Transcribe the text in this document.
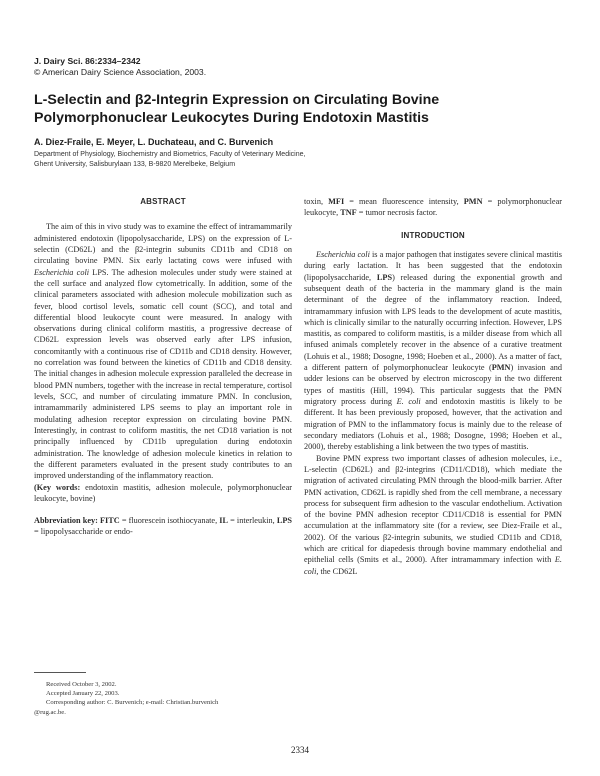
J. Dairy Sci. 86:2334–2342
© American Dairy Science Association, 2003.
L-Selectin and β2-Integrin Expression on Circulating Bovine
Polymorphonuclear Leukocytes During Endotoxin Mastitis
A. Diez-Fraile, E. Meyer, L. Duchateau, and C. Burvenich
Department of Physiology, Biochemistry and Biometrics, Faculty of Veterinary Medicine,
Ghent University, Salisburylaan 133, B-9820 Merelbeke, Belgium
ABSTRACT

The aim of this in vivo study was to examine the effect of intramammarily administered endotoxin (lipopolysaccharide, LPS) on the expression of L-selectin (CD62L) and the β2-integrin subunits CD11b and CD18 on circulating bovine PMN. Six early lactating cows were infused with Escherichia coli LPS. The adhesion molecules under study were stained at the cell surface and analyzed flow cytometrically. In addition, some of the clinical parameters associated with adhesion molecule mobilization such as fever, blood cortisol levels, somatic cell count (SCC), and total and differential blood leukocyte count were measured. In analogy with observations during clinical coliform mastitis, a progressive decrease of CD62L expression levels was observed early after LPS infusion, concomitantly with a continuous rise of CD11b and CD18 density. However, no correlation was found between the kinetics of CD11b and CD18 density. The initial changes in adhesion molecule expression paralleled the decrease in blood PMN numbers, together with the increase in rectal temperature, cortisol levels, SCC, and number of circulating immature PMN. In conclusion, intramammarily administered LPS seems to play an important role in modulating adhesion receptor expression on circulating bovine PMN. Interestingly, in contrast to coliform mastitis, the net CD18 variation is not principally influenced by CD11b upregulation during endotoxin administration. The knowledge of adhesion molecule kinetics in relation to the different parameters evaluated in the present study contributes to an improved understanding of the inflammatory reaction.

(Key words: endotoxin mastitis, adhesion molecule, polymorphonuclear leukocyte, bovine)

Abbreviation key: FITC = fluorescein isothiocyanate, IL = interleukin, LPS = lipopolysaccharide or endo-

toxin, MFI = mean fluorescence intensity, PMN = polymorphonuclear leukocyte, TNF = tumor necrosis factor.

INTRODUCTION

Escherichia coli is a major pathogen that instigates severe clinical mastitis during early lactation. It has been suggested that the endotoxin (lipopolysaccharide, LPS) released during the exponential growth and subsequent death of the bacteria in the mammary gland is the main determinant of the degree of the inflammatory reaction. Indeed, intramammary infusion with LPS leads to the development of acute mastitis, which is clinically similar to the naturally occurring infection. However, LPS mastitis, as compared to coliform mastitis, is a milder disease from which all infused animals completely recover in the absence of a curative treatment (Lohuis et al., 1988; Dosogne, 1998; Hoeben et al., 2000). As a matter of fact, a different pattern of polymorphonuclear leukocyte (PMN) invasion and udder lesions can be observed by electron microscopy in the two different types of mastitis (Hill, 1994). This particular suggests that the PMN migratory process during E. coli and endotoxin mastitis is likely to be different. It has been previously proposed, however, that the activation and migration of PMN to the inflammatory focus is mainly due to the release of secondary mediators (Lohuis et al., 1988; Dosogne, 1998; Hoeben et al., 2000), thereby establishing a link between the two types of mastitis.

Bovine PMN express two important classes of adhesion molecules, i.e., L-selectin (CD62L) and β2-integrins (CD11/CD18), which mediate the migration of activated circulating PMN through the blood-milk barrier. After PMN activation, CD62L is rapidly shed from the cell membrane, a necessary process for subsequent firm adhesion to the vascular endothelium. Activation of the bovine PMN adhesion receptor CD11/CD18 is essential for PMN accumulation at the inflammatory site (for a review, see Diez-Fraile et al., 2002). Of the various β2-integrin subunits, we studied CD11b and CD18, which are critical for diapedesis through bovine mammary endothelial and epithelial cells (Smits et al., 2000). After intramammary infection with E. coli, the CD62L

Received October 3, 2002.
Accepted January 22, 2003.
Corresponding author: C. Burvenich; e-mail: Christian.burvenich
@rug.ac.be.
2334
